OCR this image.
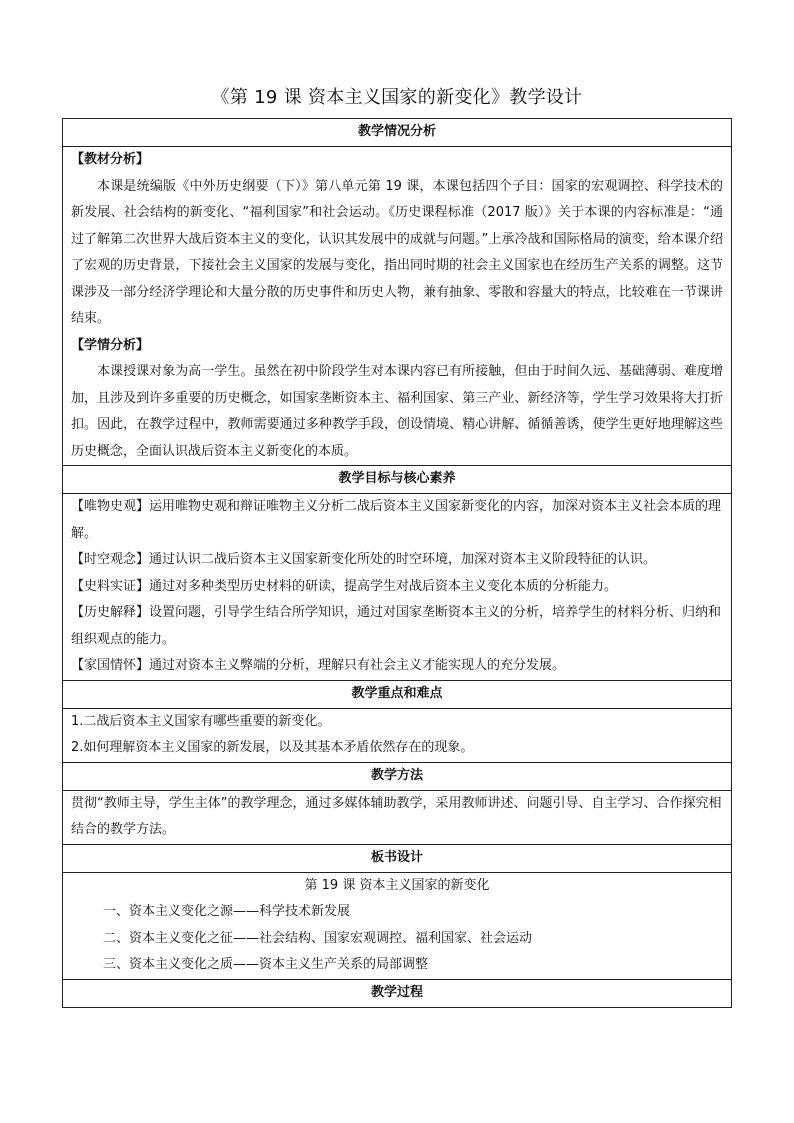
《第 19 课 资本主义国家的新变化》教学设计
教学情况分析

【教材分析】
本课是统编版《中外历史纲要（下）》第八单元第 19 课，本课包括四个子目：国家的宏观调控、科学技术的新发展、社会结构的新变化、“福利国家”和社会运动。《历史课程标准（2017 版）》关于本课的内容标准是：“通过了解第二次世界大战后资本主义的变化，认识其发展中的成就与问题。”上承冷战和国际格局的演变，给本课介绍了宏观的历史背景，下接社会主义国家的发展与变化，指出同时期的社会主义国家也在经历生产关系的调整。这节课涉及一部分经济学理论和大量分散的历史事件和历史人物，兼有抽象、零散和容量大的特点，比较难在一节课讲结束。
【学情分析】
本课授课对象为高一学生。虽然在初中阶段学生对本课内容已有所接触，但由于时间久远、基础薄弱、难度增加，且涉及到许多重要的历史概念，如国家垄断资本主、福利国家、第三产业、新经济等，学生学习效果将大打折扣。因此，在教学过程中，教师需要通过多种教学手段，创设情境、精心讲解、循循善诱，使学生更好地理解这些历史概念，全面认识战后资本主义新变化的本质。

教学目标与核心素养

【唯物史观】运用唯物史观和辩证唯物主义分析二战后资本主义国家新变化的内容，加深对资本主义社会本质的理解。
【时空观念】通过认识二战后资本主义国家新变化所处的时空环境，加深对资本主义阶段特征的认识。
【史料实证】通过对多种类型历史材料的研读，提高学生对战后资本主义变化本质的分析能力。
【历史解释】设置问题，引导学生结合所学知识，通过对国家垄断资本主义的分析，培养学生的材料分析、归纳和组织观点的能力。
【家国情怀】通过对资本主义弊端的分析，理解只有社会主义才能实现人的充分发展。

教学重点和难点

1.二战后资本主义国家有哪些重要的新变化。
2.如何理解资本主义国家的新发展，以及其基本矛盾依然存在的现象。

教学方法

贯彻“教师主导，学生主体”的教学理念，通过多媒体辅助教学，采用教师讲述、问题引导、自主学习、合作探究相结合的教学方法。

板书设计

第 19 课 资本主义国家的新变化
一、资本主义变化之源——科学技术新发展
二、资本主义变化之征——社会结构、国家宏观调控、福利国家、社会运动
三、资本主义变化之质——资本主义生产关系的局部调整

教学过程
